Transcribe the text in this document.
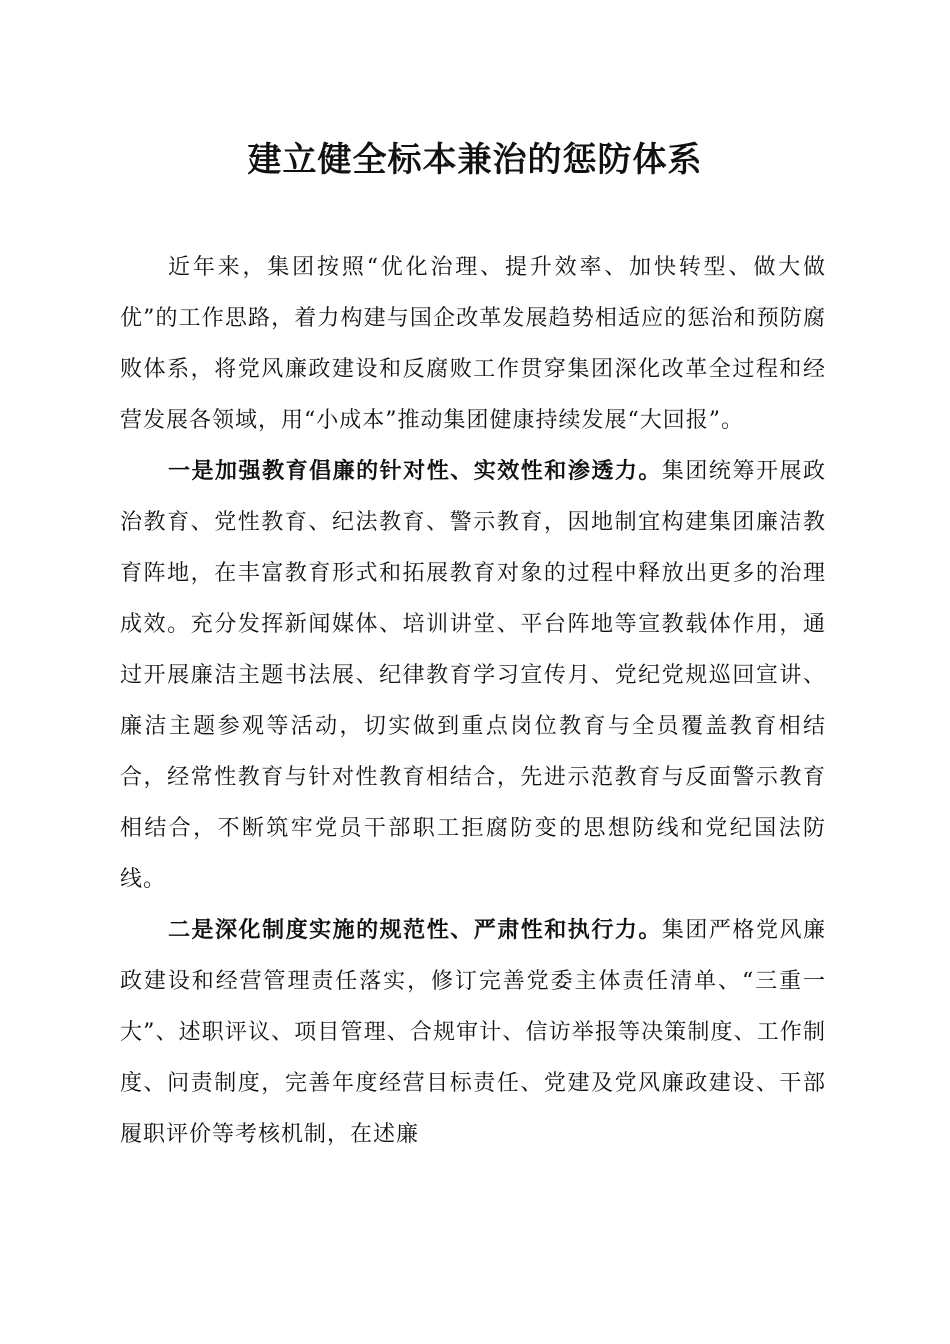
建立健全标本兼治的惩防体系

近年来，集团按照“优化治理、提升效率、加快转型、做大做优”的工作思路，着力构建与国企改革发展趋势相适应的惩治和预防腐败体系，将党风廉政建设和反腐败工作贯穿集团深化改革全过程和经营发展各领域，用“小成本”推动集团健康持续发展“大回报”。

一是加强教育倡廉的针对性、实效性和渗透力。集团统筹开展政治教育、党性教育、纪法教育、警示教育，因地制宜构建集团廉洁教育阵地，在丰富教育形式和拓展教育对象的过程中释放出更多的治理成效。充分发挥新闻媒体、培训讲堂、平台阵地等宣教载体作用，通过开展廉洁主题书法展、纪律教育学习宣传月、党纪党规巡回宣讲、廉洁主题参观等活动，切实做到重点岗位教育与全员覆盖教育相结合，经常性教育与针对性教育相结合，先进示范教育与反面警示教育相结合，不断筑牢党员干部职工拒腐防变的思想防线和党纪国法防线。

二是深化制度实施的规范性、严肃性和执行力。集团严格党风廉政建设和经营管理责任落实，修订完善党委主体责任清单、“三重一大”、述职评议、项目管理、合规审计、信访举报等决策制度、工作制度、问责制度，完善年度经营目标责任、党建及党风廉政建设、干部履职评价等考核机制，在述廉
